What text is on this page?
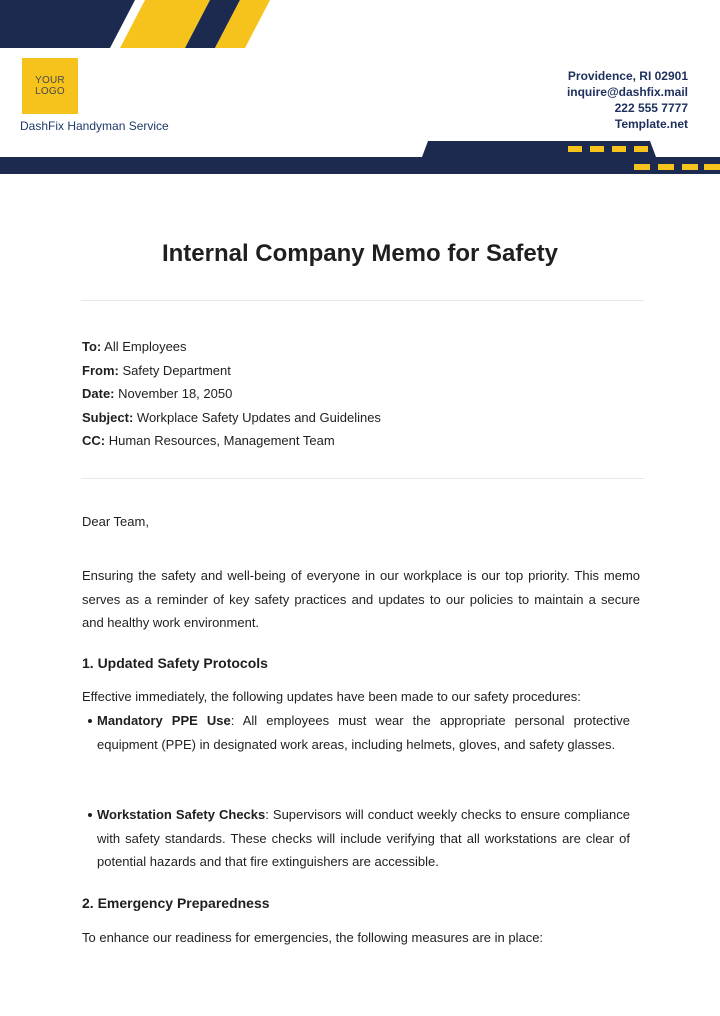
YOUR
LOGO
DashFix Handyman Service
Providence, RI 02901
inquire@dashfix.mail
222 555 7777
Template.net
Internal Company Memo for Safety
To: All Employees
From: Safety Department
Date: November 18, 2050
Subject: Workplace Safety Updates and Guidelines
CC: Human Resources, Management Team

Dear Team,

Ensuring the safety and well-being of everyone in our workplace is our top priority. This memo serves as a reminder of key safety practices and updates to our policies to maintain a secure and healthy work environment.

1. Updated Safety Protocols

Effective immediately, the following updates have been made to our safety procedures:

Mandatory PPE Use: All employees must wear the appropriate personal protective equipment (PPE) in designated work areas, including helmets, gloves, and safety glasses.

Workstation Safety Checks: Supervisors will conduct weekly checks to ensure compliance with safety standards. These checks will include verifying that all workstations are clear of potential hazards and that fire extinguishers are accessible.

2. Emergency Preparedness

To enhance our readiness for emergencies, the following measures are in place:
